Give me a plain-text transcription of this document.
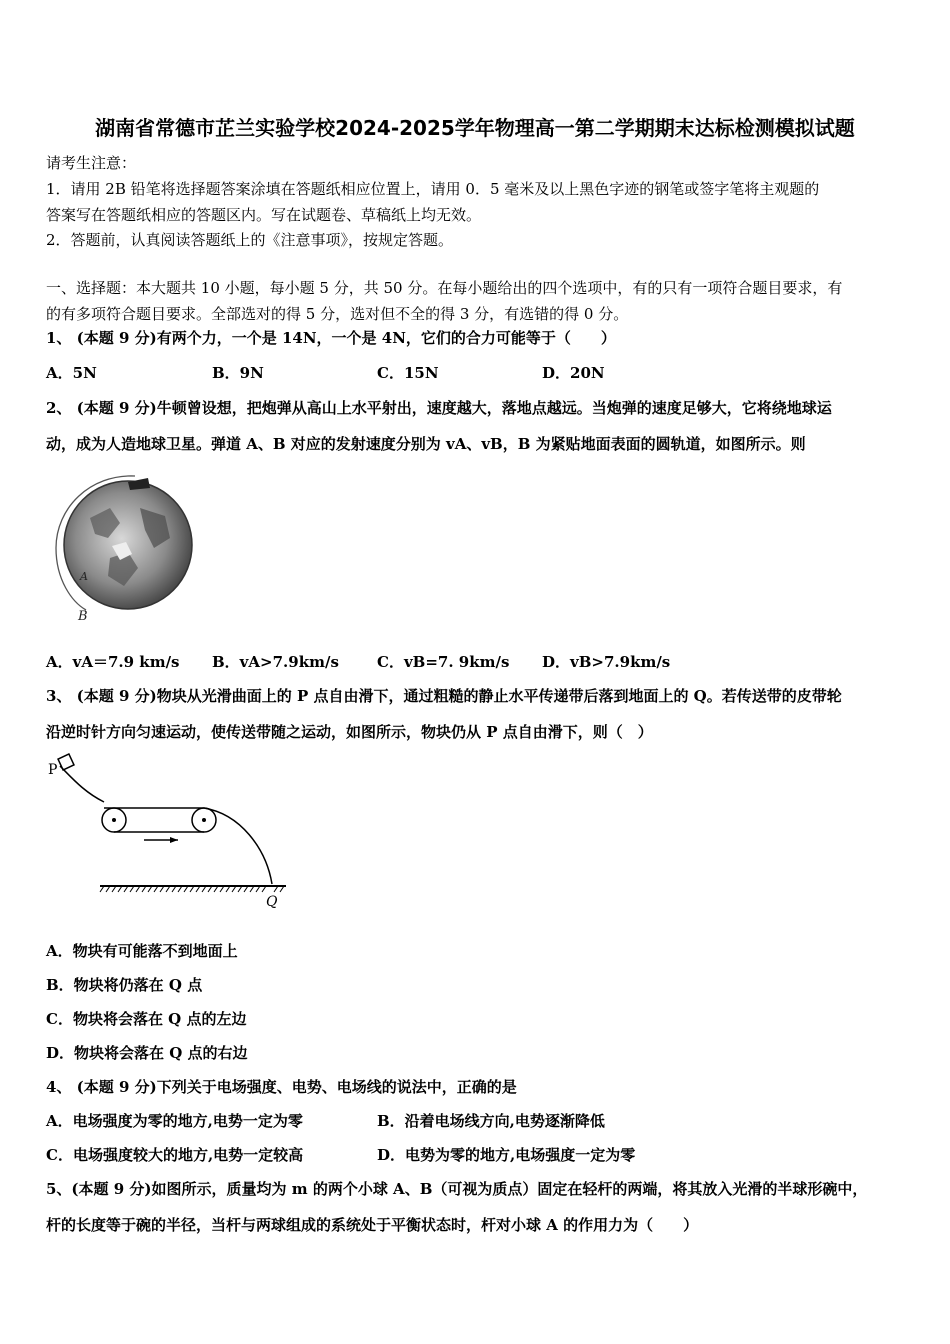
湖南省常德市芷兰实验学校2024-2025学年物理高一第二学期期末达标检测模拟试题
请考生注意：
1．请用 2B 铅笔将选择题答案涂填在答题纸相应位置上，请用 0．5 毫米及以上黑色字迹的钢笔或签字笔将主观题的
答案写在答题纸相应的答题区内。写在试题卷、草稿纸上均无效。
2．答题前，认真阅读答题纸上的《注意事项》，按规定答题。
一、选择题：本大题共 10 小题，每小题 5 分，共 50 分。在每小题给出的四个选项中，有的只有一项符合题目要求，有
的有多项符合题目要求。全部选对的得 5 分，选对但不全的得 3 分，有选错的得 0 分。
1、 (本题 9 分)有两个力，一个是 14N，一个是 4N，它们的合力可能等于（　　）
A．5N	B．9N	C．15N	D．20N
2、 (本题 9 分)牛顿曾设想，把炮弹从高山上水平射出，速度越大，落地点越远。当炮弹的速度足够大，它将绕地球运
动，成为人造地球卫星。弹道 A、B 对应的发射速度分别为 vA、vB，B 为紧贴地面表面的圆轨道，如图所示。则
A
B
A．vA＝7.9 km/s B．vA>7.9km/s	C．vB=7. 9km/s D．vB>7.9km/s
3、 (本题 9 分)物块从光滑曲面上的 P 点自由滑下，通过粗糙的静止水平传递带后落到地面上的 Q。若传送带的皮带轮
沿逆时针方向匀速运动，使传送带随之运动，如图所示，物块仍从 P 点自由滑下，则（　）
P
Q
A．物块有可能落不到地面上
B．物块将仍落在 Q 点
C．物块将会落在 Q 点的左边
D．物块将会落在 Q 点的右边
4、 (本题 9 分)下列关于电场强度、电势、电场线的说法中，正确的是
A．电场强度为零的地方,电势一定为零	B．沿着电场线方向,电势逐渐降低
C．电场强度较大的地方,电势一定较高	D．电势为零的地方,电场强度一定为零
5、(本题 9 分)如图所示，质量均为 m 的两个小球 A、B（可视为质点）固定在轻杆的两端，将其放入光滑的半球形碗中，
杆的长度等于碗的半径，当杆与两球组成的系统处于平衡状态时，杆对小球 A 的作用力为（　　）
